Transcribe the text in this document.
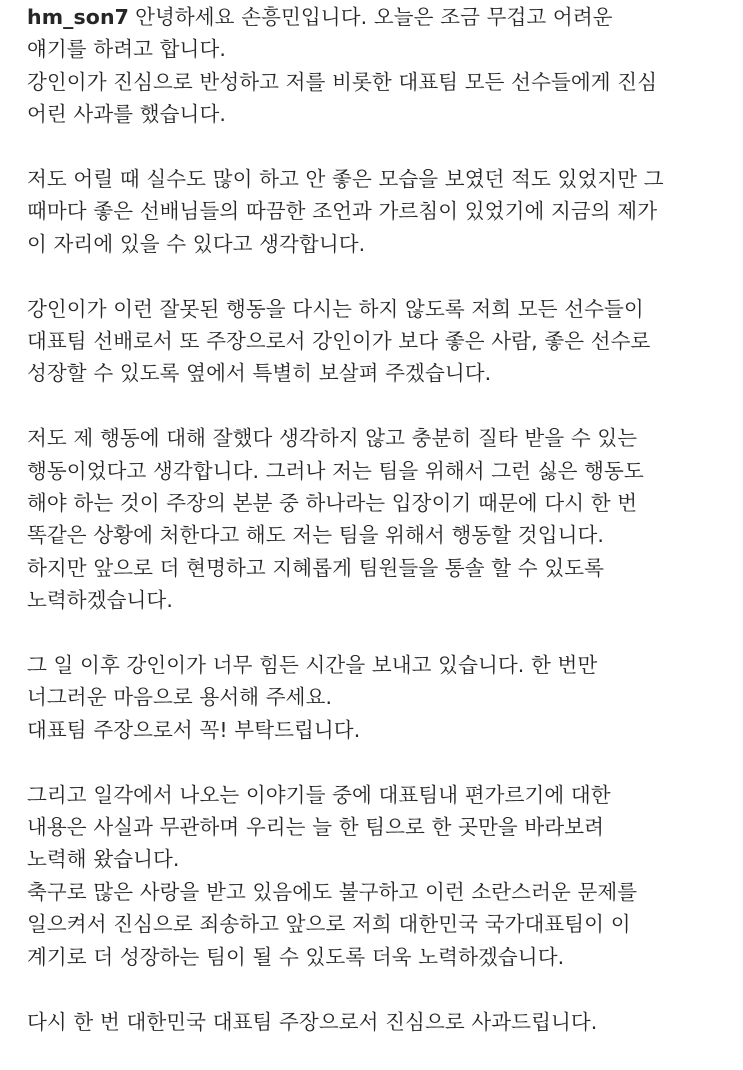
hm_son7 안녕하세요 손흥민입니다. 오늘은 조금 무겁고 어려운
얘기를 하려고 합니다.
강인이가 진심으로 반성하고 저를 비롯한 대표팀 모든 선수들에게 진심
어린 사과를 했습니다.
저도 어릴 때 실수도 많이 하고 안 좋은 모습을 보였던 적도 있었지만 그
때마다 좋은 선배님들의 따끔한 조언과 가르침이 있었기에 지금의 제가
이 자리에 있을 수 있다고 생각합니다.
강인이가 이런 잘못된 행동을 다시는 하지 않도록 저희 모든 선수들이
대표팀 선배로서 또 주장으로서 강인이가 보다 좋은 사람, 좋은 선수로
성장할 수 있도록 옆에서 특별히 보살펴 주겠습니다.
저도 제 행동에 대해 잘했다 생각하지 않고 충분히 질타 받을 수 있는
행동이었다고 생각합니다. 그러나 저는 팀을 위해서 그런 싫은 행동도
해야 하는 것이 주장의 본분 중 하나라는 입장이기 때문에 다시 한 번
똑같은 상황에 처한다고 해도 저는 팀을 위해서 행동할 것입니다.
하지만 앞으로 더 현명하고 지혜롭게 팀원들을 통솔 할 수 있도록
노력하겠습니다.
그 일 이후 강인이가 너무 힘든 시간을 보내고 있습니다. 한 번만
너그러운 마음으로 용서해 주세요.
대표팀 주장으로서 꼭! 부탁드립니다.
그리고 일각에서 나오는 이야기들 중에 대표팀내 편가르기에 대한
내용은 사실과 무관하며 우리는 늘 한 팀으로 한 곳만을 바라보려
노력해 왔습니다.
축구로 많은 사랑을 받고 있음에도 불구하고 이런 소란스러운 문제를
일으켜서 진심으로 죄송하고 앞으로 저희 대한민국 국가대표팀이 이
계기로 더 성장하는 팀이 될 수 있도록 더욱 노력하겠습니다.
다시 한 번 대한민국 대표팀 주장으로서 진심으로 사과드립니다.
